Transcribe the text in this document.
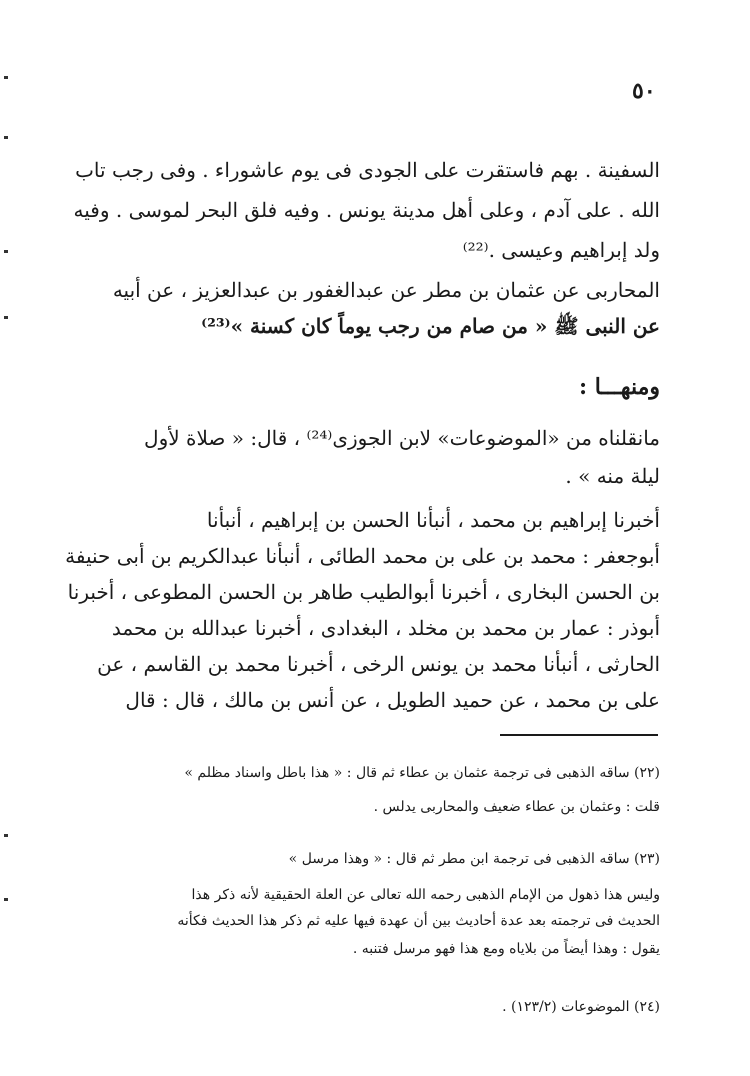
٥٠
السفينة . بهم فاستقرت على الجودى فى يوم عاشوراء . وفى رجب تاب
الله . على آدم ، وعلى أهل مدينة يونس . وفيه فلق البحر لموسى . وفيه
ولد إبراهيم وعيسى .⁽²²⁾
المحاربى عن عثمان بن مطر عن عبدالغفور بن عبدالعزيز ، عن أبيه
عن النبى ﷺ « من صام من رجب يوماً كان كسنة »⁽²³⁾
ومنهـــا :
مانقلناه من «الموضوعات» لابن الجوزى⁽²⁴⁾ ، قال: « صلاة لأول
ليلة منه » .
أخبرنا إبراهيم بن محمد ، أنبأنا الحسن بن إبراهيم ، أنبأنا
أبوجعفر : محمد بن على بن محمد الطائى ، أنبأنا عبدالكريم بن أبى حنيفة
بن الحسن البخارى ، أخبرنا أبوالطيب طاهر بن الحسن المطوعى ، أخبرنا
أبوذر : عمار بن محمد بن مخلد ، البغدادى ، أخبرنا عبدالله بن محمد
الحارثى ، أنبأنا محمد بن يونس الرخى ، أخبرنا محمد بن القاسم ، عن
على بن محمد ، عن حميد الطويل ، عن أنس بن مالك ، قال : قال
(٢٢) ساقه الذهبى فى ترجمة عثمان بن عطاء ثم قال : « هذا باطل واسناد مظلم »
قلت : وعثمان بن عطاء ضعيف والمحاربى يدلس .
(٢٣) ساقه الذهبى فى ترجمة ابن مطر ثم قال : « وهذا مرسل »
وليس هذا ذهول من الإمام الذهبى رحمه الله تعالى عن العلة الحقيقية لأنه ذكر هذا
الحديث فى ترجمته بعد عدة أحاديث بين أن عهدة فيها عليه ثم ذكر هذا الحديث فكأنه
يقول : وهذا أيضاً من بلاياه ومع هذا فهو مرسل فتنبه .
(٢٤) الموضوعات (١٢٣/٢) .
